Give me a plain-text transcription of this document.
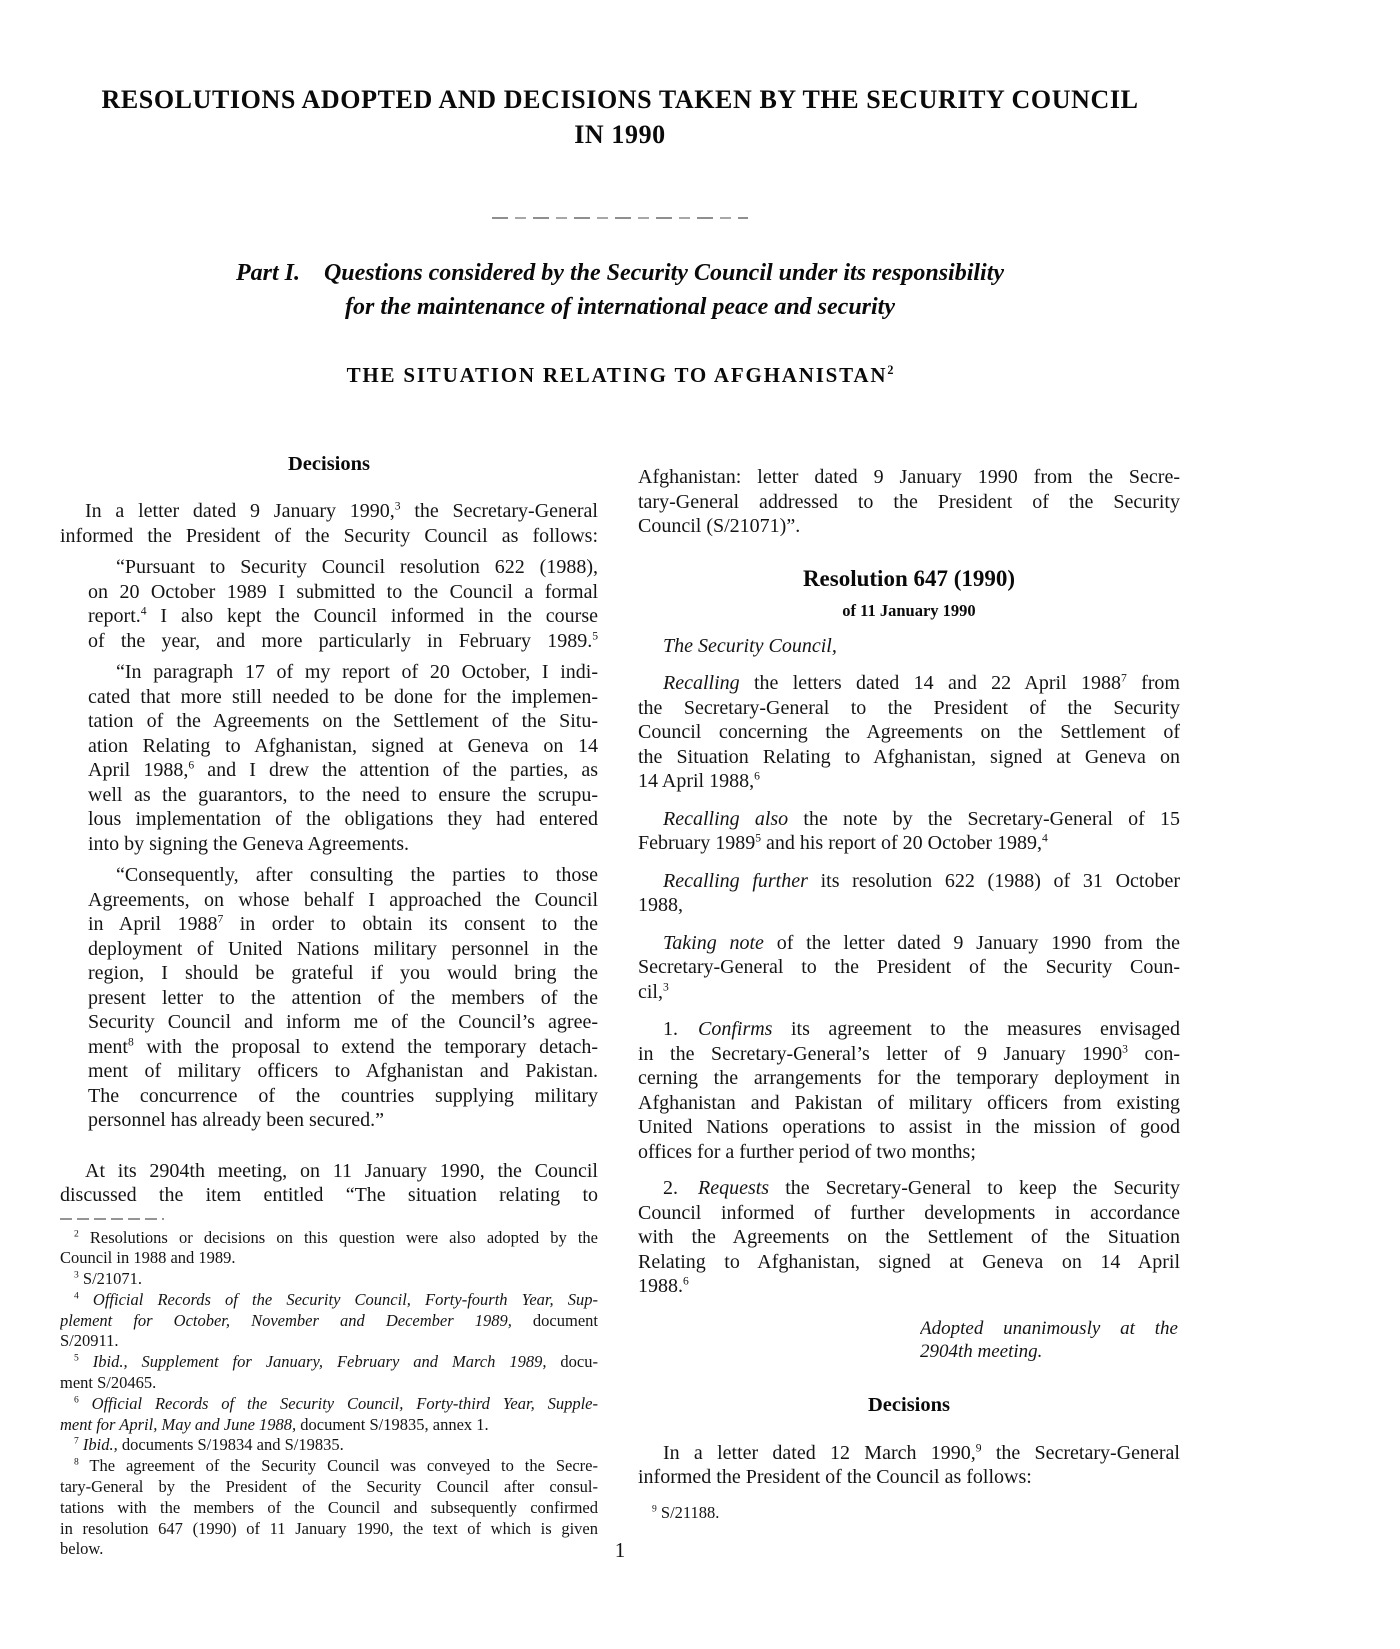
RESOLUTIONS ADOPTED AND DECISIONS TAKEN BY THE SECURITY COUNCIL
IN 1990
Part I. Questions considered by the Security Council under its responsibility
for the maintenance of international peace and security
THE SITUATION RELATING TO AFGHANISTAN$^2$
Decisions
In a letter dated 9 January 1990,$^3$ the Secretary-General
informed the President of the Security Council as follows:
“Pursuant to Security Council resolution 622 (1988),
on 20 October 1989 I submitted to the Council a formal
report.$^4$ I also kept the Council informed in the course
of the year, and more particularly in February 1989.$^5$
“In paragraph 17 of my report of 20 October, I indi-
cated that more still needed to be done for the implemen-
tation of the Agreements on the Settlement of the Situ-
ation Relating to Afghanistan, signed at Geneva on 14
April 1988,$^6$ and I drew the attention of the parties, as
well as the guarantors, to the need to ensure the scrupu-
lous implementation of the obligations they had entered
into by signing the Geneva Agreements.
“Consequently, after consulting the parties to those
Agreements, on whose behalf I approached the Council
in April 1988$^7$ in order to obtain its consent to the
deployment of United Nations military personnel in the
region, I should be grateful if you would bring the
present letter to the attention of the members of the
Security Council and inform me of the Council’s agree-
ment$^8$ with the proposal to extend the temporary detach-
ment of military officers to Afghanistan and Pakistan.
The concurrence of the countries supplying military
personnel has already been secured.”
At its 2904th meeting, on 11 January 1990, the Council
discussed the item entitled “The situation relating to
$^2$ Resolutions or decisions on this question were also adopted by the
Council in 1988 and 1989.
$^3$ S/21071.
$^4$ Official Records of the Security Council, Forty-fourth Year, Sup-
plement for October, November and December 1989, document
S/20911.
$^5$ Ibid., Supplement for January, February and March 1989, docu-
ment S/20465.
$^6$ Official Records of the Security Council, Forty-third Year, Supple-
ment for April, May and June 1988, document S/19835, annex 1.
$^7$ Ibid., documents S/19834 and S/19835.
$^8$ The agreement of the Security Council was conveyed to the Secre-
tary-General by the President of the Security Council after consul-
tations with the members of the Council and subsequently confirmed
in resolution 647 (1990) of 11 January 1990, the text of which is given
below.
Afghanistan: letter dated 9 January 1990 from the Secre-
tary-General addressed to the President of the Security
Council (S/21071)”.
Resolution 647 (1990)
of 11 January 1990
The Security Council,
Recalling the letters dated 14 and 22 April 1988$^7$ from
the Secretary-General to the President of the Security
Council concerning the Agreements on the Settlement of
the Situation Relating to Afghanistan, signed at Geneva on
14 April 1988,$^6$
Recalling also the note by the Secretary-General of 15
February 1989$^5$ and his report of 20 October 1989,$^4$
Recalling further its resolution 622 (1988) of 31 October
1988,
Taking note of the letter dated 9 January 1990 from the
Secretary-General to the President of the Security Coun-
cil,$^3$
1.  Confirms its agreement to the measures envisaged
in the Secretary-General’s letter of 9 January 1990$^3$ con-
cerning the arrangements for the temporary deployment in
Afghanistan and Pakistan of military officers from existing
United Nations operations to assist in the mission of good
offices for a further period of two months;
2.  Requests the Secretary-General to keep the Security
Council informed of further developments in accordance
with the Agreements on the Settlement of the Situation
Relating to Afghanistan, signed at Geneva on 14 April
1988.$^6$
Adopted unanimously at the
2904th meeting.
Decisions
In a letter dated 12 March 1990,$^9$ the Secretary-General
informed the President of the Council as follows:
$^9$ S/21188.
1
